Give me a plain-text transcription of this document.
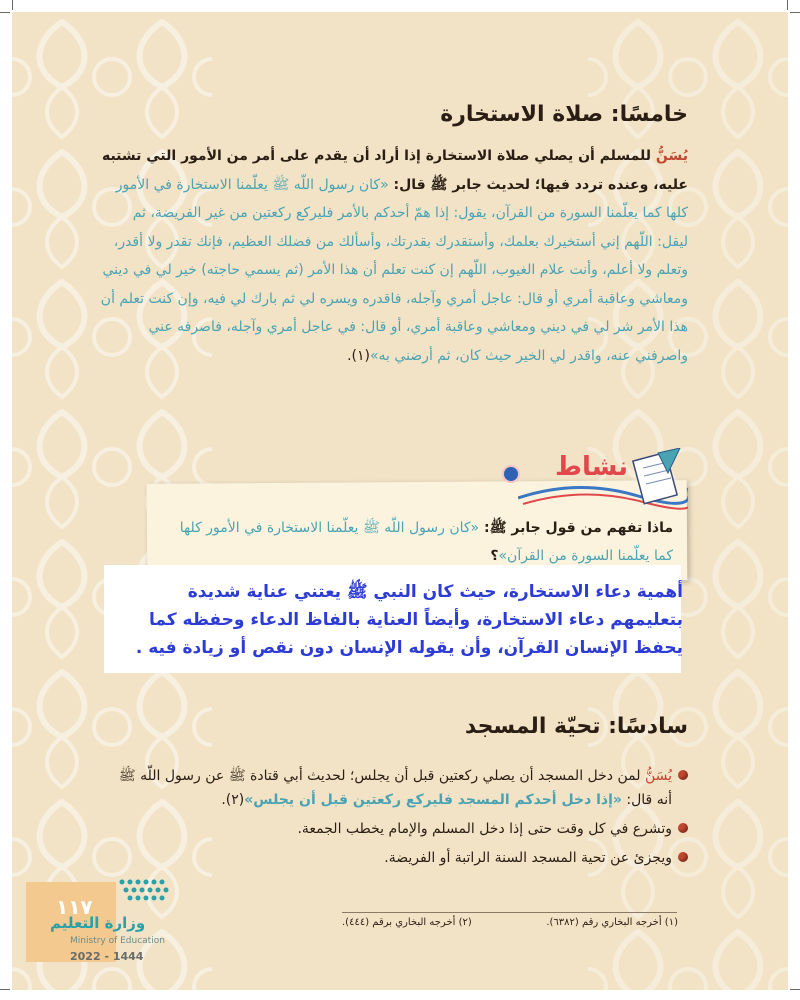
خامسًا: صلاة الاستخارة
يُسَنُّ للمسلم أن يصلي صلاة الاستخارة إذا أراد أن يقدم على أمر من الأمور التي تشتبه عليه، وعنده تردد فيها؛ لحديث جابر ﷺ قال: «كان رسول اللّه ﷺ يعلّمنا الاستخارة في الأمور كلها كما يعلّمنا السورة من القرآن، يقول: إذا همّ أحدكم بالأمر فليركع ركعتين من غير الفريضة، ثم ليقل: اللّهم إني أستخيرك بعلمك، وأستقدرك بقدرتك، وأسألك من فضلك العظيم، فإنك تقدر ولا أقدر، وتعلم ولا أعلم، وأنت علام الغيوب، اللّهم إن كنت تعلم أن هذا الأمر (ثم يسمي حاجته) خير لي في ديني ومعاشي وعاقبة أمري أو قال: عاجل أمري وآجله، فاقدره ويسره لي ثم بارك لي فيه، وإن كنت تعلم أن هذا الأمر شر لي في ديني ومعاشي وعاقبة أمري، أو قال: في عاجل أمري وآجله، فاصرفه عني واصرفني عنه، واقدر لي الخير حيث كان، ثم أرضني به»(١).
نشاط
ماذا تفهم من قول جابر ﷺ: «كان رسول اللّه ﷺ يعلّمنا الاستخارة في الأمور كلها كما يعلّمنا السورة من القرآن»؟
أهمية دعاء الاستخارة، حيث كان النبي ﷺ يعتني عناية شديدة بتعليمهم دعاء الاستخارة، وأيضاً العناية بالفاظ الدعاء وحفظه كما يحفظ الإنسان القرآن، وأن يقوله الإنسان دون نقص أو زيادة فيه .
سادسًا: تحيّة المسجد
يُسَنُّ لمن دخل المسجد أن يصلي ركعتين قبل أن يجلس؛ لحديث أبي قتادة ﷺ عن رسول اللّه ﷺ أنه قال: «إذا دخل أحدكم المسجد فليركع ركعتين قبل أن يجلس»(٢).
وتشرع في كل وقت حتى إذا دخل المسلم والإمام يخطب الجمعة.
ويجزئ عن تحية المسجد السنة الراتبة أو الفريضة.
(١) أخرجه البخاري رقم (٦٣٨٢).
(٢) أخرجه البخاري برقم (٤٤٤).
١١٧
وزارة التعليم
Ministry of Education
2022 - 1444
